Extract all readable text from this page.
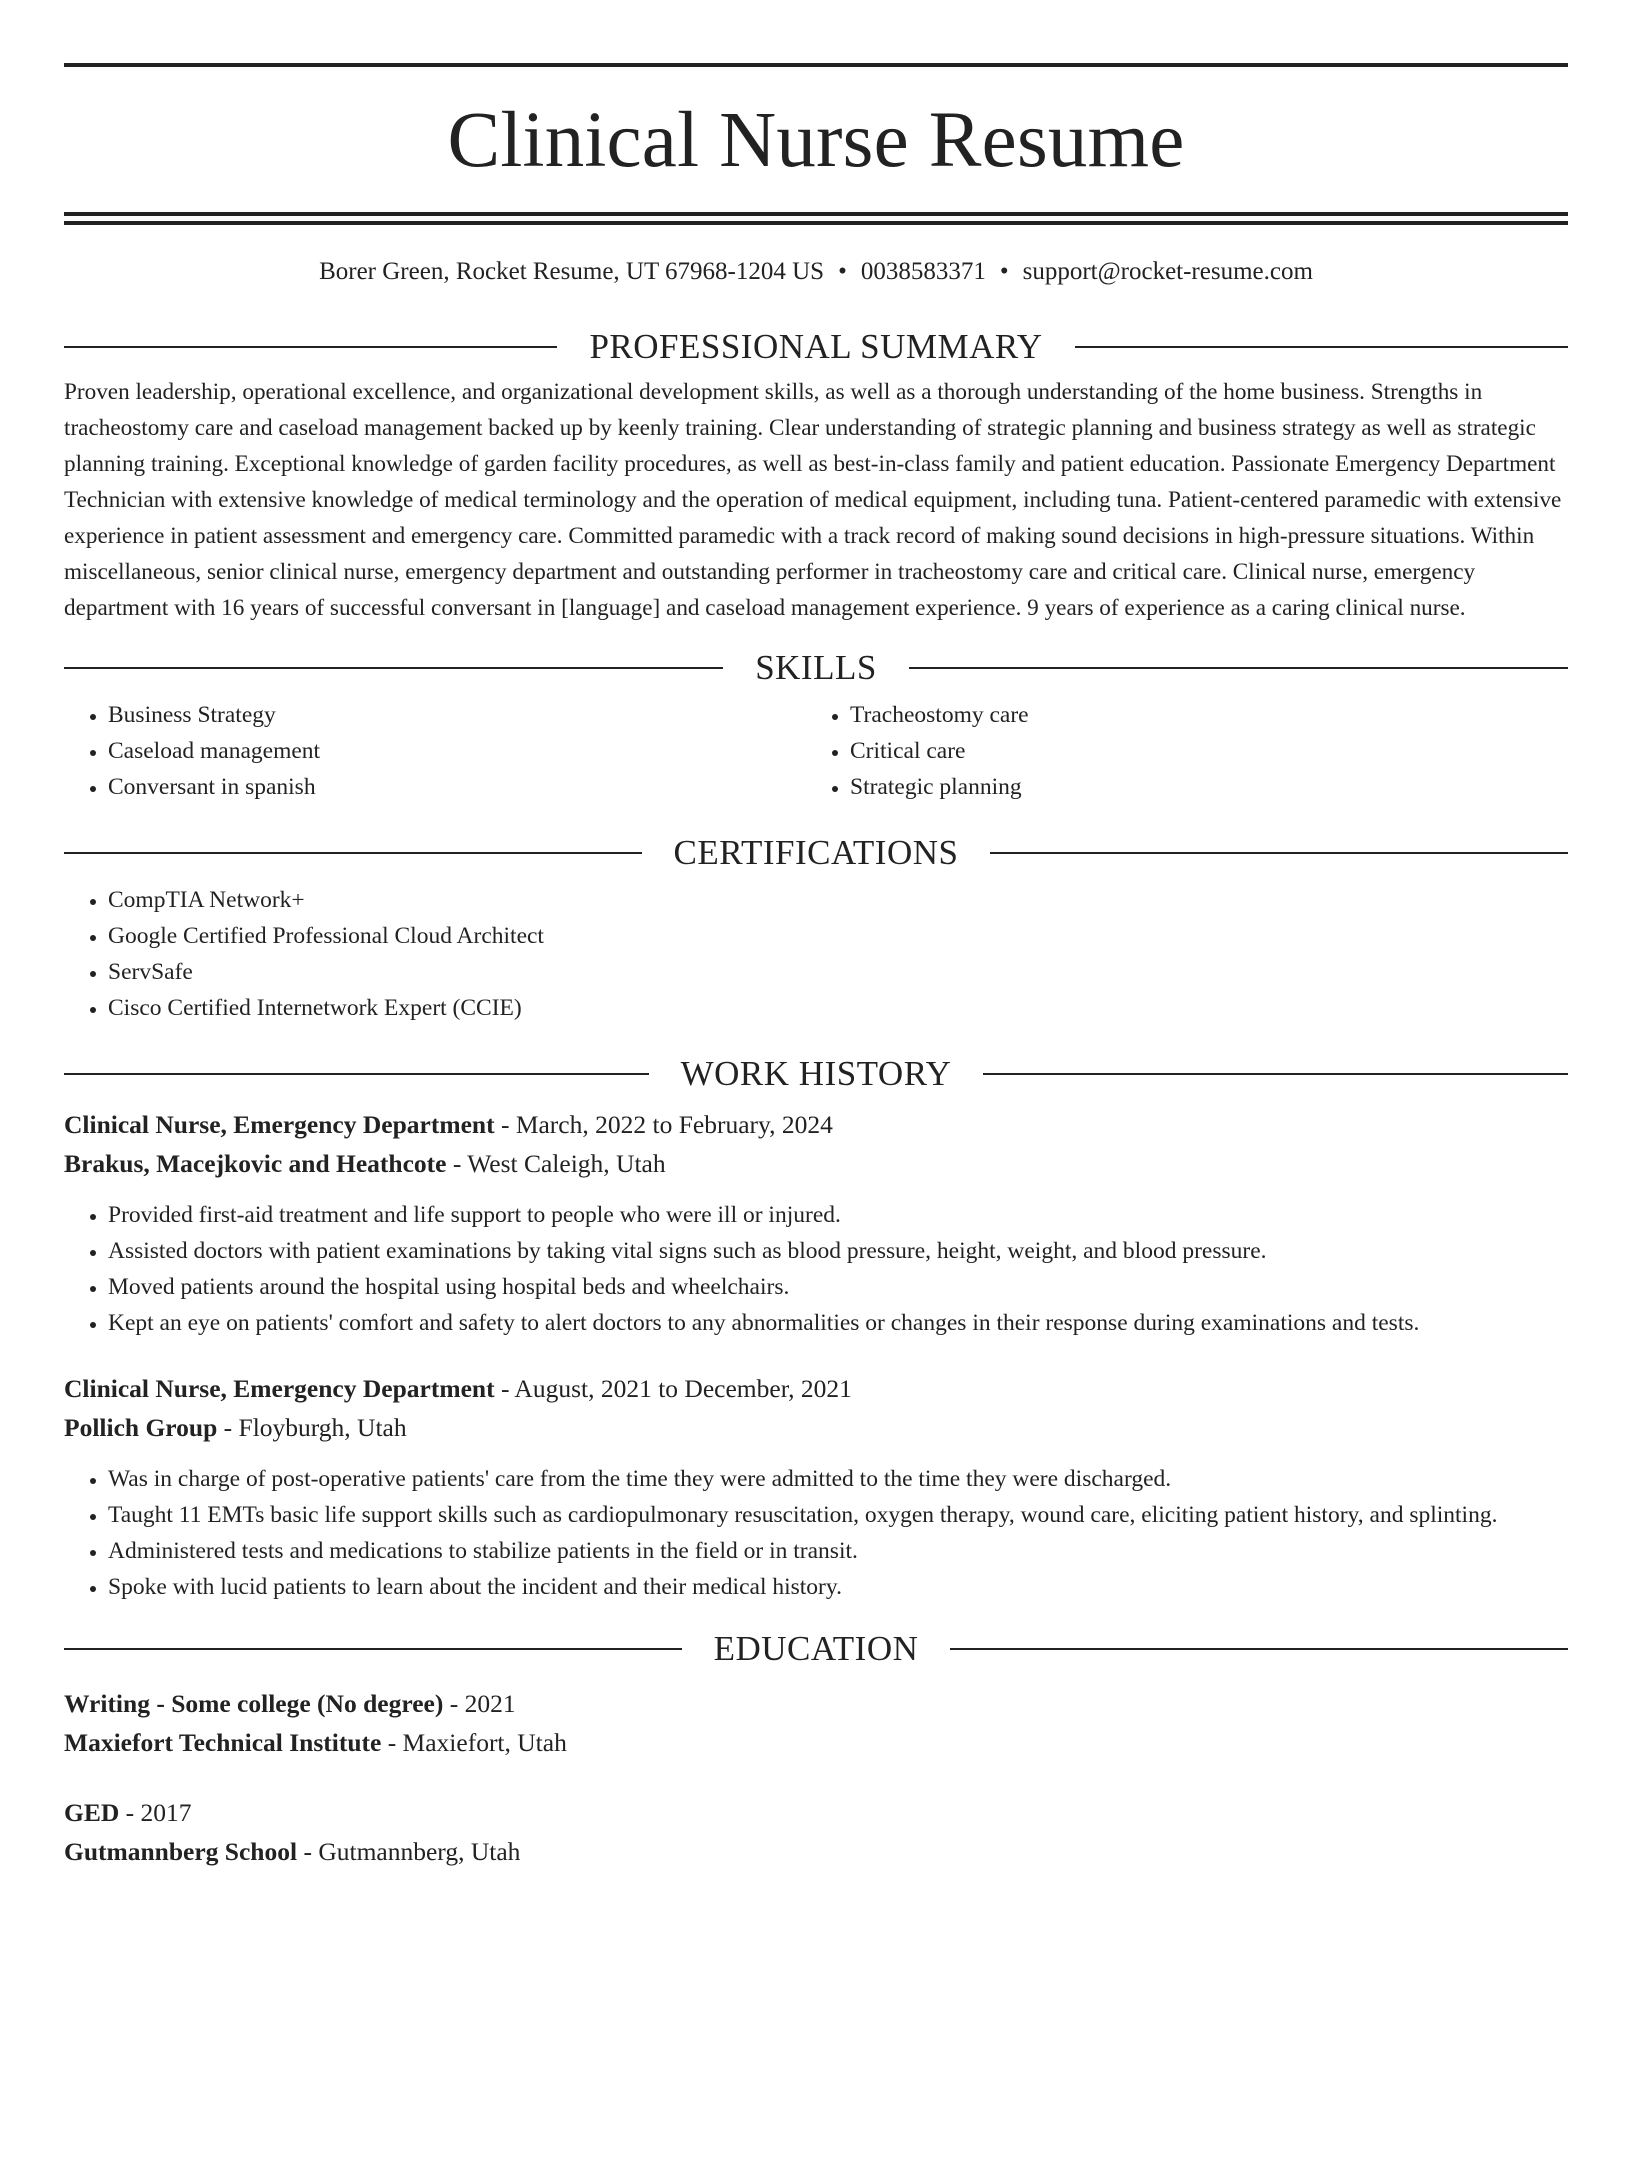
Clinical Nurse Resume
Borer Green, Rocket Resume, UT 67968-1204 US • 0038583371 • support@rocket-resume.com
PROFESSIONAL SUMMARY
Proven leadership, operational excellence, and organizational development skills, as well as a thorough understanding of the home business. Strengths in tracheostomy care and caseload management backed up by keenly training. Clear understanding of strategic planning and business strategy as well as strategic planning training. Exceptional knowledge of garden facility procedures, as well as best-in-class family and patient education. Passionate Emergency Department Technician with extensive knowledge of medical terminology and the operation of medical equipment, including tuna. Patient-centered paramedic with extensive experience in patient assessment and emergency care. Committed paramedic with a track record of making sound decisions in high-pressure situations. Within miscellaneous, senior clinical nurse, emergency department and outstanding performer in tracheostomy care and critical care. Clinical nurse, emergency department with 16 years of successful conversant in [language] and caseload management experience. 9 years of experience as a caring clinical nurse.
SKILLS
• Business Strategy
• Caseload management
• Conversant in spanish
• Tracheostomy care
• Critical care
• Strategic planning
CERTIFICATIONS
• CompTIA Network+
• Google Certified Professional Cloud Architect
• ServSafe
• Cisco Certified Internetwork Expert (CCIE)
WORK HISTORY
Clinical Nurse, Emergency Department - March, 2022 to February, 2024
Brakus, Macejkovic and Heathcote - West Caleigh, Utah
• Provided first-aid treatment and life support to people who were ill or injured.
• Assisted doctors with patient examinations by taking vital signs such as blood pressure, height, weight, and blood pressure.
• Moved patients around the hospital using hospital beds and wheelchairs.
• Kept an eye on patients' comfort and safety to alert doctors to any abnormalities or changes in their response during examinations and tests.
Clinical Nurse, Emergency Department - August, 2021 to December, 2021
Pollich Group - Floyburgh, Utah
• Was in charge of post-operative patients' care from the time they were admitted to the time they were discharged.
• Taught 11 EMTs basic life support skills such as cardiopulmonary resuscitation, oxygen therapy, wound care, eliciting patient history, and splinting.
• Administered tests and medications to stabilize patients in the field or in transit.
• Spoke with lucid patients to learn about the incident and their medical history.
EDUCATION
Writing - Some college (No degree) - 2021
Maxiefort Technical Institute - Maxiefort, Utah
GED - 2017
Gutmannberg School - Gutmannberg, Utah
